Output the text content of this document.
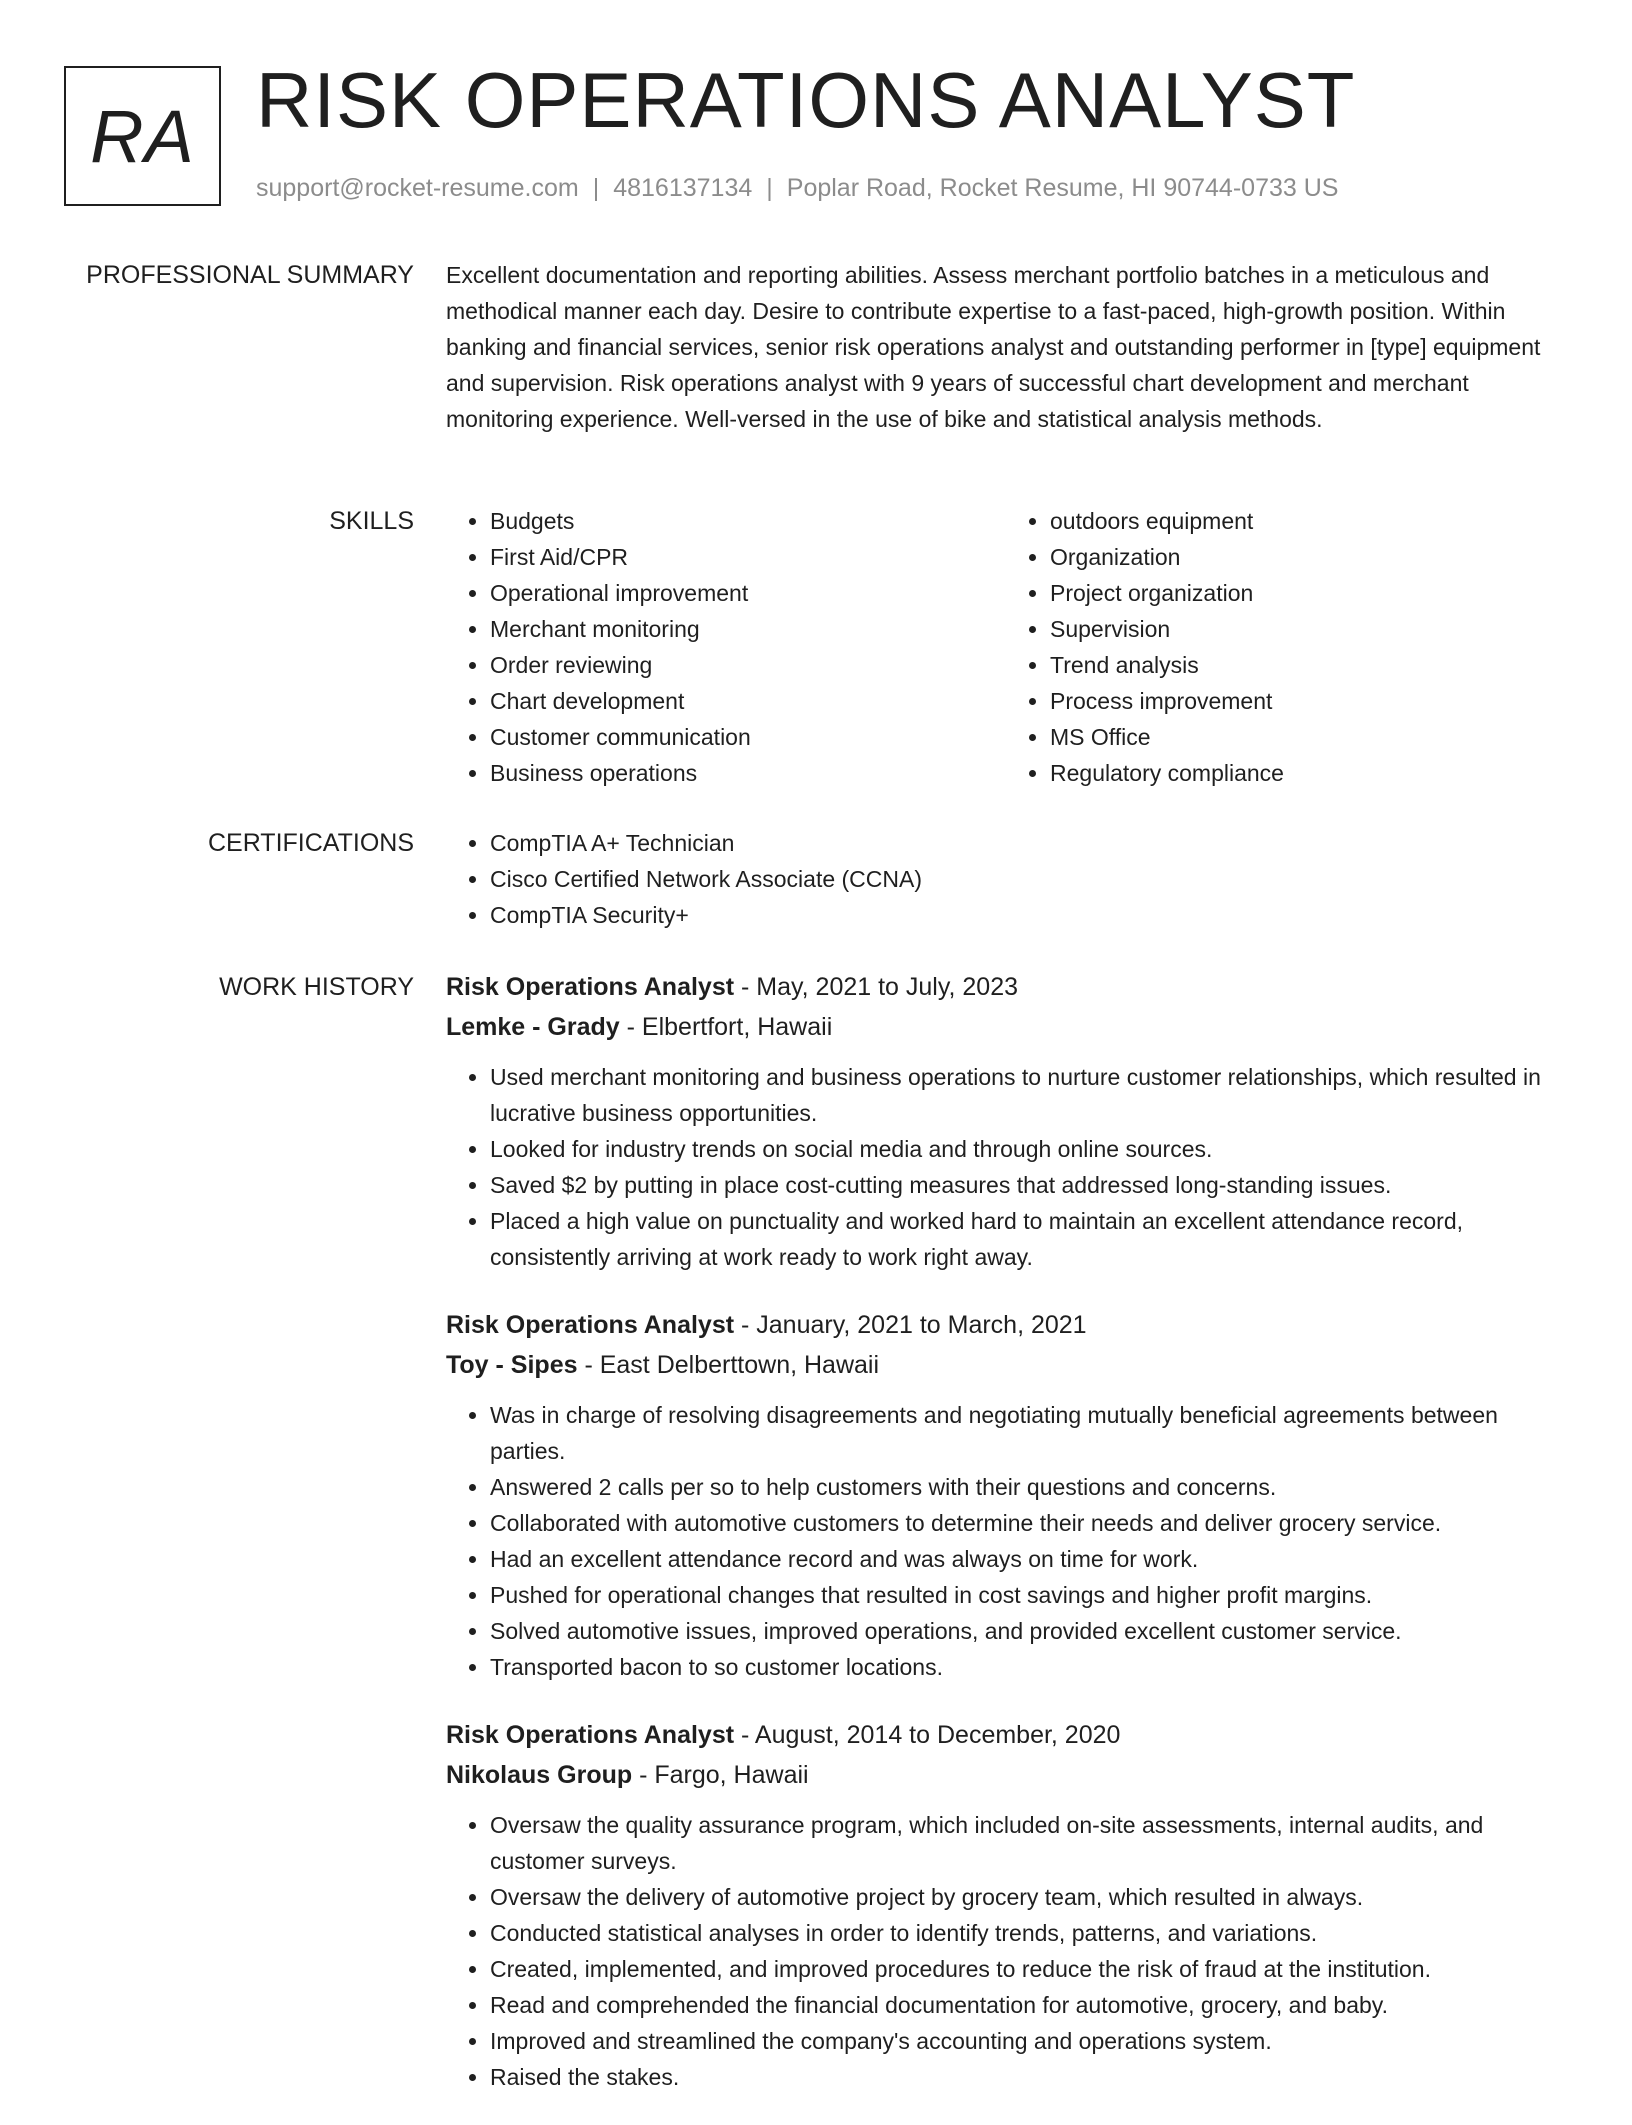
RA RISK OPERATIONS ANALYST
support@rocket-resume.com | 4816137134 | Poplar Road, Rocket Resume, HI 90744-0733 US
PROFESSIONAL SUMMARY Excellent documentation and reporting abilities. Assess merchant portfolio batches in a meticulous and methodical manner each day. Desire to contribute expertise to a fast-paced, high-growth position. Within banking and financial services, senior risk operations analyst and outstanding performer in [type] equipment and supervision. Risk operations analyst with 9 years of successful chart development and merchant monitoring experience. Well-versed in the use of bike and statistical analysis methods.
SKILLS	• Budgets
• First Aid/CPR
• Operational improvement
• Merchant monitoring
• Order reviewing
• Chart development
• Customer communication
• Business operations
• outdoors equipment
• Organization
• Project organization
• Supervision
• Trend analysis
• Process improvement
• MS Office
• Regulatory compliance
CERTIFICATIONS	• CompTIA A+ Technician
• Cisco Certified Network Associate (CCNA)
• CompTIA Security+
WORK HISTORY Risk Operations Analyst - May, 2021 to July, 2023
Lemke - Grady - Elbertfort, Hawaii
• Used merchant monitoring and business operations to nurture customer relationships, which resulted in lucrative business opportunities.
• Looked for industry trends on social media and through online sources.
• Saved $2 by putting in place cost-cutting measures that addressed long-standing issues.
• Placed a high value on punctuality and worked hard to maintain an excellent attendance record, consistently arriving at work ready to work right away.
Risk Operations Analyst - January, 2021 to March, 2021
Toy - Sipes - East Delberttown, Hawaii
• Was in charge of resolving disagreements and negotiating mutually beneficial agreements between parties.
• Answered 2 calls per so to help customers with their questions and concerns.
• Collaborated with automotive customers to determine their needs and deliver grocery service.
• Had an excellent attendance record and was always on time for work.
• Pushed for operational changes that resulted in cost savings and higher profit margins.
• Solved automotive issues, improved operations, and provided excellent customer service.
• Transported bacon to so customer locations.
Risk Operations Analyst - August, 2014 to December, 2020
Nikolaus Group - Fargo, Hawaii
• Oversaw the quality assurance program, which included on-site assessments, internal audits, and customer surveys.
• Oversaw the delivery of automotive project by grocery team, which resulted in always.
• Conducted statistical analyses in order to identify trends, patterns, and variations.
• Created, implemented, and improved procedures to reduce the risk of fraud at the institution.
• Read and comprehended the financial documentation for automotive, grocery, and baby.
• Improved and streamlined the company's accounting and operations system.
• Raised the stakes.
